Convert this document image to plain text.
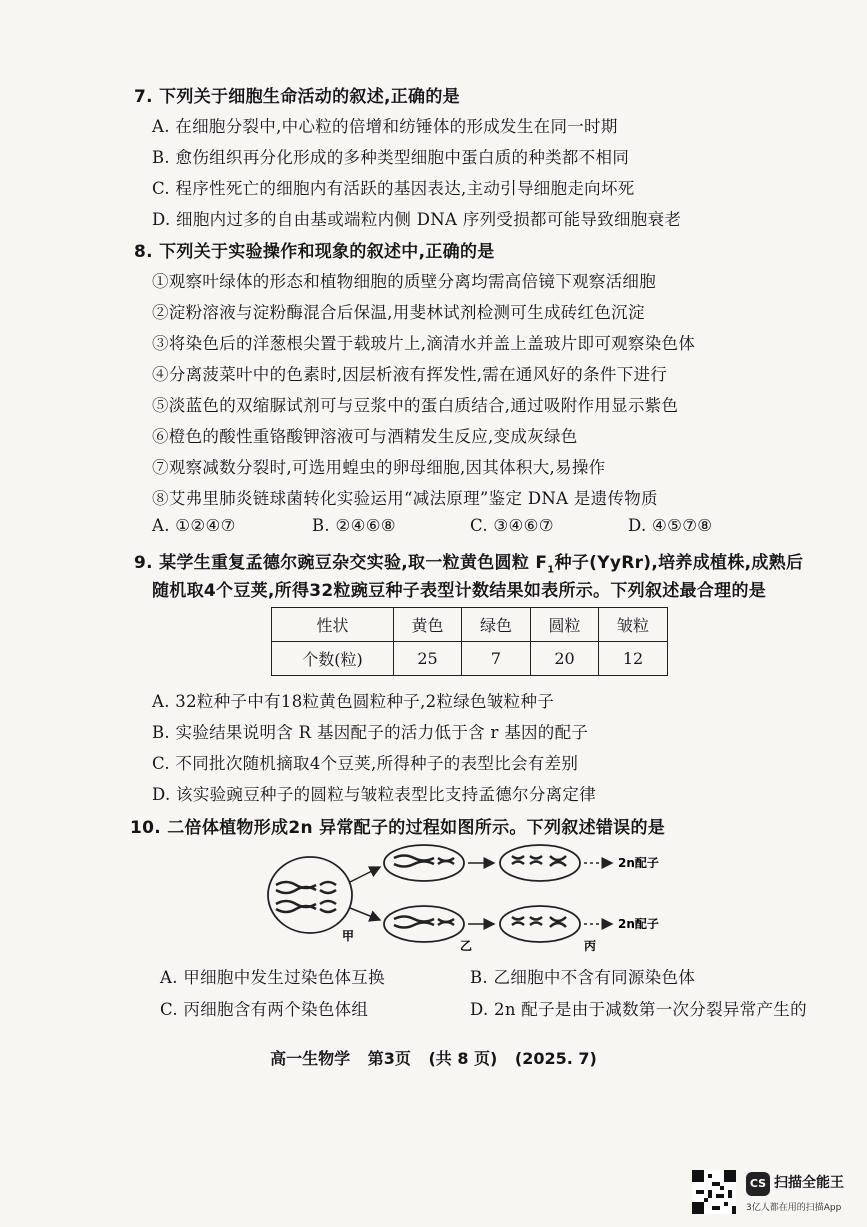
7. 下列关于细胞生命活动的叙述,正确的是
A. 在细胞分裂中,中心粒的倍增和纺锤体的形成发生在同一时期
B. 愈伤组织再分化形成的多种类型细胞中蛋白质的种类都不相同
C. 程序性死亡的细胞内有活跃的基因表达,主动引导细胞走向坏死
D. 细胞内过多的自由基或端粒内侧 DNA 序列受损都可能导致细胞衰老
8. 下列关于实验操作和现象的叙述中,正确的是
①观察叶绿体的形态和植物细胞的质壁分离均需高倍镜下观察活细胞
②淀粉溶液与淀粉酶混合后保温,用斐林试剂检测可生成砖红色沉淀
③将染色后的洋葱根尖置于载玻片上,滴清水并盖上盖玻片即可观察染色体
④分离菠菜叶中的色素时,因层析液有挥发性,需在通风好的条件下进行
⑤淡蓝色的双缩脲试剂可与豆浆中的蛋白质结合,通过吸附作用显示紫色
⑥橙色的酸性重铬酸钾溶液可与酒精发生反应,变成灰绿色
⑦观察减数分裂时,可选用蝗虫的卵母细胞,因其体积大,易操作
⑧艾弗里肺炎链球菌转化实验运用“减法原理”鉴定 DNA 是遗传物质
A. ①②④⑦	B. ②④⑥⑧	C. ③④⑥⑦	D. ④⑤⑦⑧
9. 某学生重复孟德尔豌豆杂交实验,取一粒黄色圆粒 $F_1$种子(YyRr),培养成植株,成熟后
随机取4个豆荚,所得32粒豌豆种子表型计数结果如表所示。下列叙述最合理的是
性状	黄色	绿色	圆粒	皱粒
个数(粒)	25	7	20	12
A. 32粒种子中有18粒黄色圆粒种子,2粒绿色皱粒种子
B. 实验结果说明含 R 基因配子的活力低于含 r 基因的配子
C. 不同批次随机摘取4个豆荚,所得种子的表型比会有差别
D. 该实验豌豆种子的圆粒与皱粒表型比支持孟德尔分离定律
10. 二倍体植物形成2n 异常配子的过程如图所示。下列叙述错误的是
甲
2n配子
乙	丙
2n配子
A. 甲细胞中发生过染色体互换	B. 乙细胞中不含有同源染色体
C. 丙细胞含有两个染色体组	D. 2n 配子是由于减数第一次分裂异常产生的
高一生物学 第3页 (共 8 页) (2025. 7)
CS 扫描全能王
3亿人都在用的扫描App
